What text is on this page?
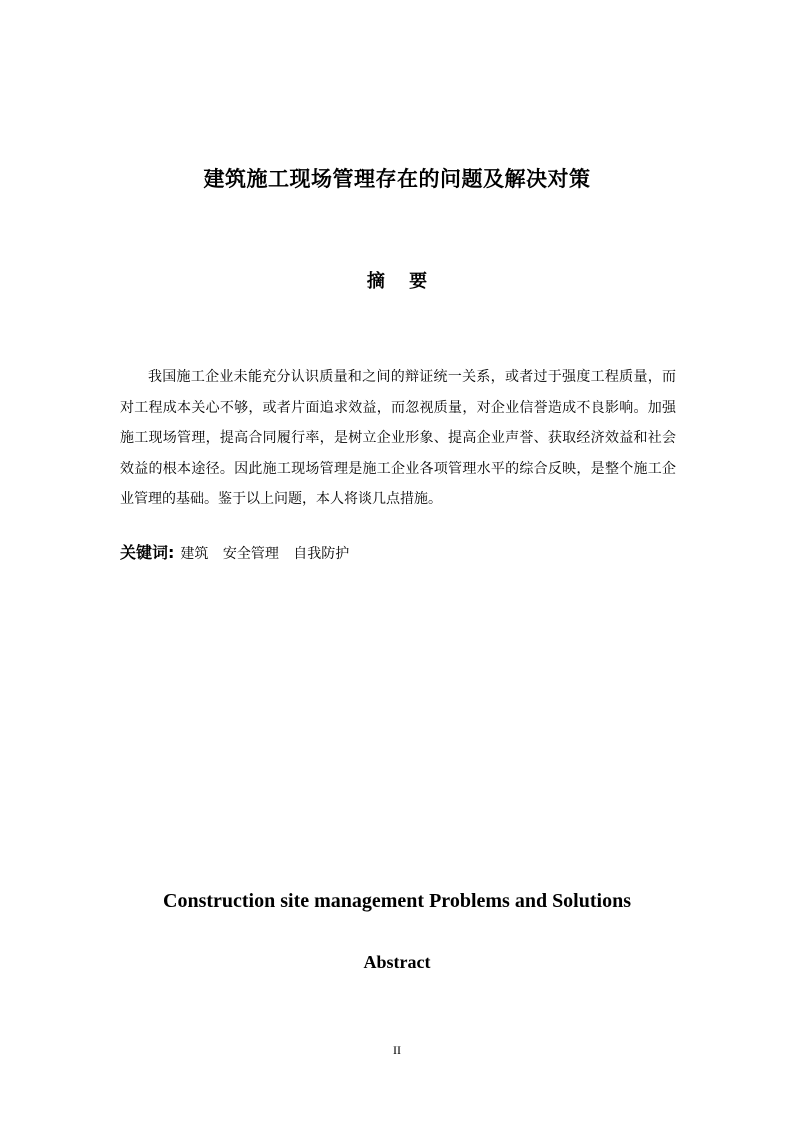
建筑施工现场管理存在的问题及解决对策
摘 要

我国施工企业未能充分认识质量和之间的辩证统一关系，或者过于强度工程质量，而对工程成本关心不够，或者片面追求效益，而忽视质量，对企业信誉造成不良影响。加强施工现场管理，提高合同履行率，是树立企业形象、提高企业声誉、获取经济效益和社会效益的根本途径。因此施工现场管理是施工企业各项管理水平的综合反映，是整个施工企业管理的基础。鉴于以上问题，本人将谈几点措施。

关键词: 建筑 安全管理 自我防护
Construction site management Problems and Solutions
Abstract
II
